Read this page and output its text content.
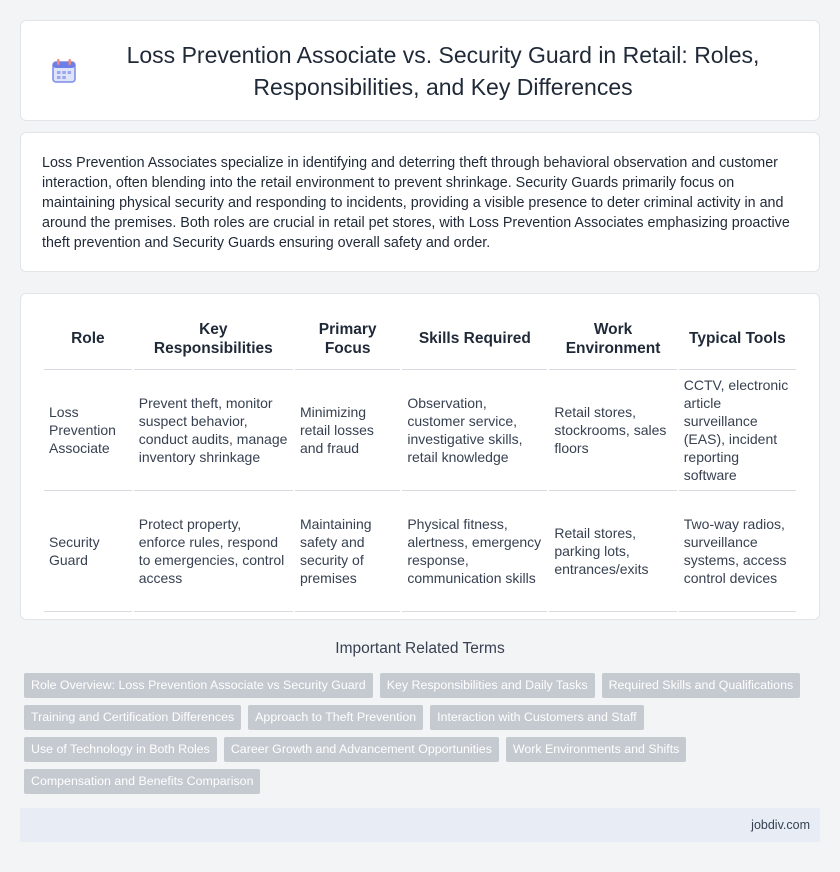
Loss Prevention Associate vs. Security Guard in Retail: Roles, Responsibilities, and Key Differences

Loss Prevention Associates specialize in identifying and deterring theft through behavioral observation and customer interaction, often blending into the retail environment to prevent shrinkage. Security Guards primarily focus on maintaining physical security and responding to incidents, providing a visible presence to deter criminal activity in and around the premises. Both roles are crucial in retail pet stores, with Loss Prevention Associates emphasizing proactive theft prevention and Security Guards ensuring overall safety and order.

Role	Key Responsibilities	Primary Focus	Skills Required	Work Environment	Typical Tools
Loss Prevention Associate	Prevent theft, monitor suspect behavior, conduct audits, manage inventory shrinkage	Minimizing retail losses and fraud	Observation, customer service, investigative skills, retail knowledge	Retail stores, stockrooms, sales floors	CCTV, electronic article surveillance (EAS), incident reporting software
Security Guard	Protect property, enforce rules, respond to emergencies, control access	Maintaining safety and security of premises	Physical fitness, alertness, emergency response, communication skills	Retail stores, parking lots, entrances/exits	Two-way radios, surveillance systems, access control devices
Important Related Terms
Role Overview: Loss Prevention Associate vs Security Guard	Key Responsibilities and Daily Tasks	Required Skills and Qualifications
Training and Certification Differences	Approach to Theft Prevention	Interaction with Customers and Staff
Use of Technology in Both Roles	Career Growth and Advancement Opportunities	Work Environments and Shifts
Compensation and Benefits Comparison
jobdiv.com
